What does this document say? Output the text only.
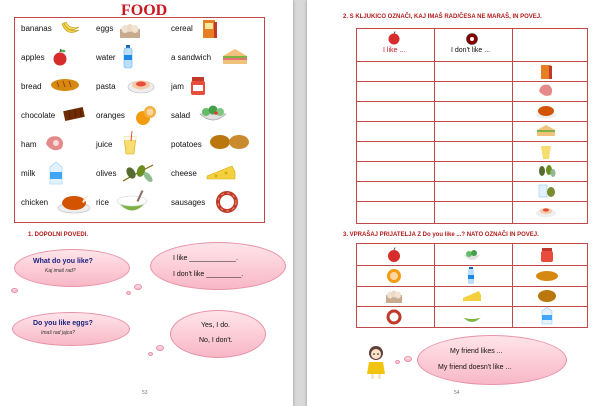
FOOD
bananas	eggs	cereal
apples	water	a sandwich
bread	pasta	jam
chocolate	oranges	salad
ham	juice	potatoes
milk	olives	cheese
chicken	rice	sausages
1. DOPOLNI POVEDI.
What do you like?
Kaj imaš rad?
I like ____________.
I don't like _________.
Do you like eggs?
Imaš rad jajca?
Yes, I do.
No, I don't.
53
2. S KLJUKICO OZNAČI, KAJ IMAŠ RAD/ČESA NE MARAŠ, IN POVEJ.
I like ...	I don't like ...
3. VPRAŠAJ PRIJATELJA Z Do you like ...? NATO OZNAČI IN POVEJ.
My friend likes ...
My friend doesn't like ...
54
